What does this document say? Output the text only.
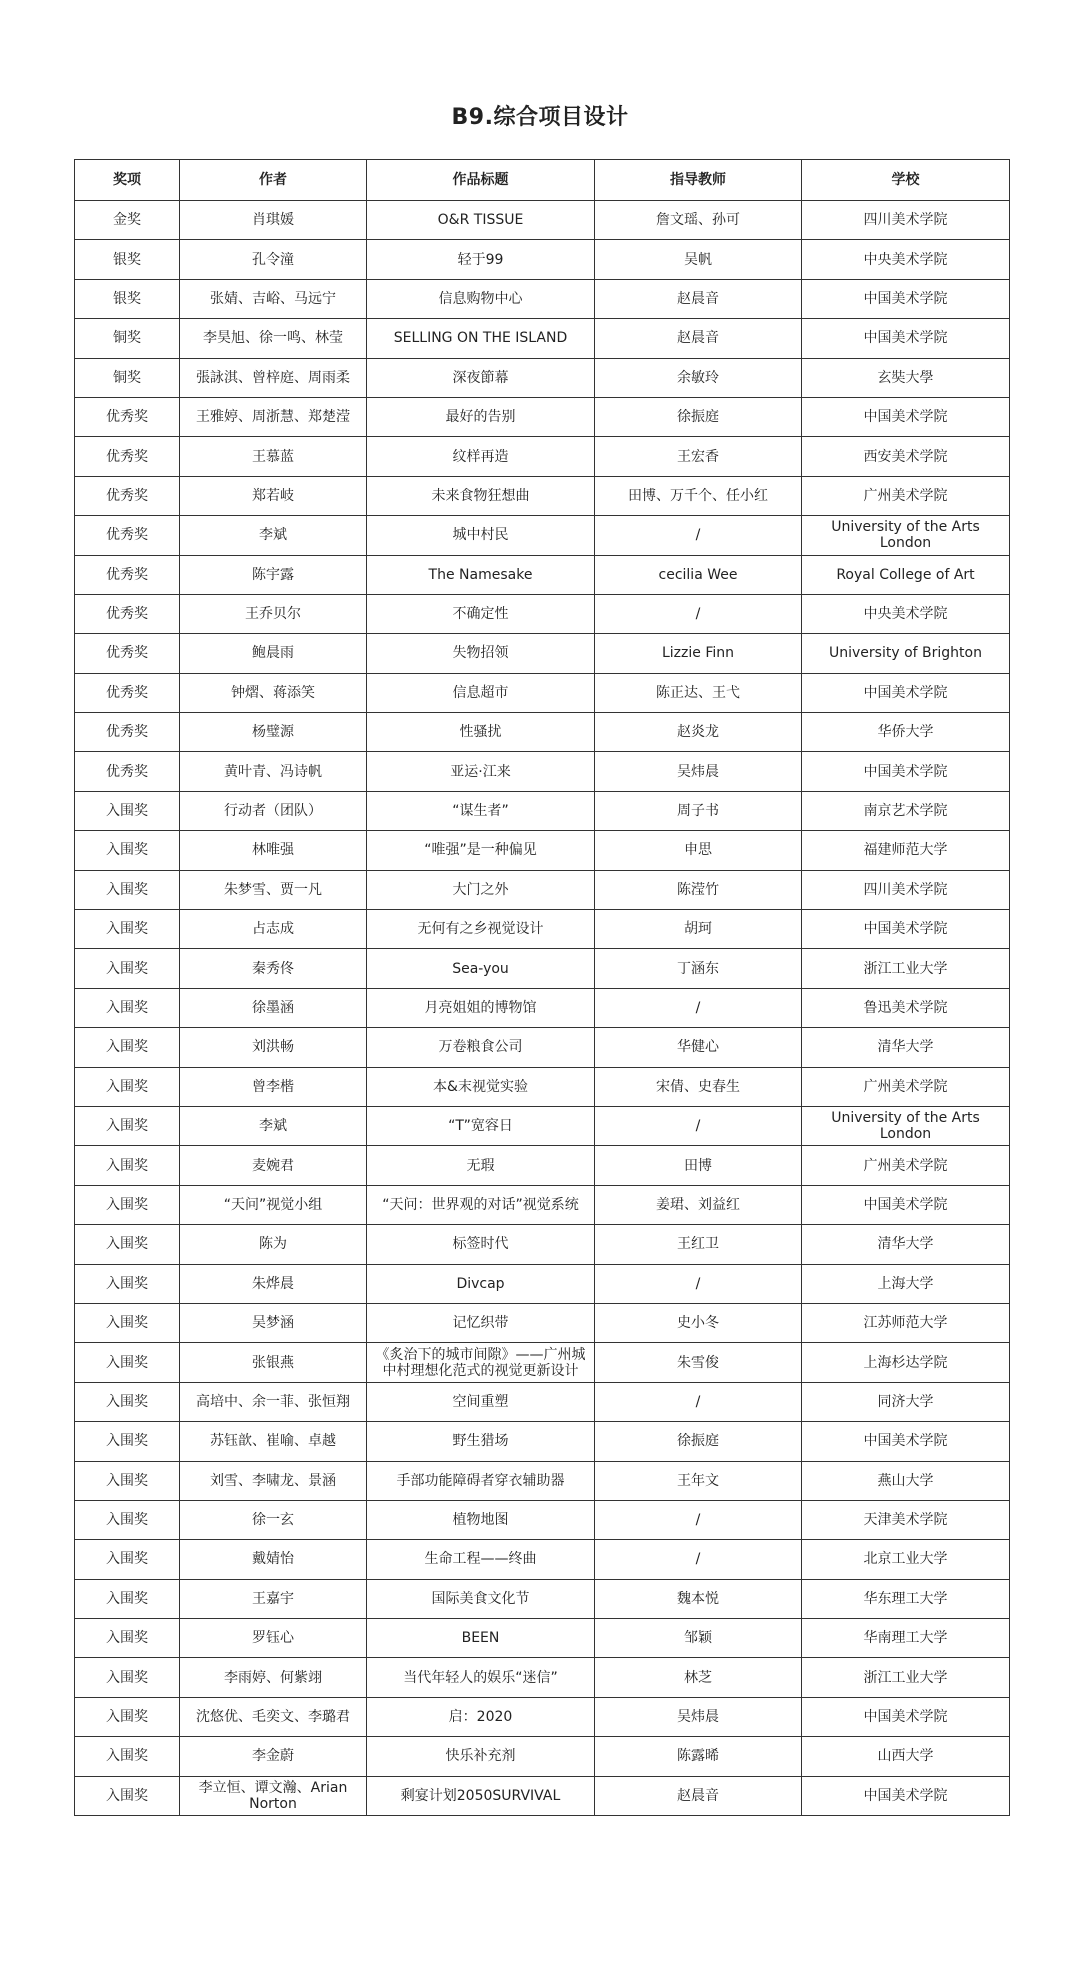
B9.综合项目设计
奖项	作者	作品标题	指导教师	学校
金奖	肖琪媛	O&R TISSUE	詹文瑶、孙可	四川美术学院
银奖	孔令潼	轻于99	吴帆	中央美术学院
银奖	张婧、吉峪、马远宁	信息购物中心	赵晨音	中国美术学院
铜奖	李昊旭、徐一鸣、林莹	SELLING ON THE ISLAND	赵晨音	中国美术学院
铜奖	張詠淇、曾梓庭、周雨柔	深夜節幕	余敏玲	玄奘大學
优秀奖	王雅婷、周浙慧、郑楚滢	最好的告别	徐振庭	中国美术学院
优秀奖	王慕蓝	纹样再造	王宏香	西安美术学院
优秀奖	郑若岐	未来食物狂想曲	田博、万千个、任小红	广州美术学院
优秀奖	李斌	城中村民	/	University of the Arts London
优秀奖	陈宇露	The Namesake	cecilia Wee	Royal College of Art
优秀奖	王乔贝尔	不确定性	/	中央美术学院
优秀奖	鲍晨雨	失物招领	Lizzie Finn	University of Brighton
优秀奖	钟熠、蒋添笑	信息超市	陈正达、王弋	中国美术学院
优秀奖	杨璧源	性骚扰	赵炎龙	华侨大学
优秀奖	黄叶青、冯诗帆	亚运·江来	吴炜晨	中国美术学院
入围奖	行动者（团队）	“谋生者”	周子书	南京艺术学院
入围奖	林唯强	“唯强”是一种偏见	申思	福建师范大学
入围奖	朱梦雪、贾一凡	大门之外	陈滢竹	四川美术学院
入围奖	占志成	无何有之乡视觉设计	胡珂	中国美术学院
入围奖	秦秀佟	Sea-you	丁涵东	浙江工业大学
入围奖	徐墨涵	月亮姐姐的博物馆	/	鲁迅美术学院
入围奖	刘洪畅	万卷粮食公司	华健心	清华大学
入围奖	曾李楷	本&末视觉实验	宋倩、史春生	广州美术学院
入围奖	李斌	“T”宽容日	/	University of the Arts London
入围奖	麦婉君	无瑕	田博	广州美术学院
入围奖	“天问”视觉小组	“天问：世界观的对话”视觉系统	姜珺、刘益红	中国美术学院
入围奖	陈为	标签时代	王红卫	清华大学
入围奖	朱烨晨	Divcap	/	上海大学
入围奖	吴梦涵	记忆织带	史小冬	江苏师范大学
入围奖	张银燕	《炙治下的城市间隙》——广州城中村理想化范式的视觉更新设计	朱雪俊	上海杉达学院
入围奖	高培中、余一菲、张恒翔	空间重塑	/	同济大学
入围奖	苏钰歆、崔喻、卓越	野生猎场	徐振庭	中国美术学院
入围奖	刘雪、李啸龙、景涵	手部功能障碍者穿衣辅助器	王年文	燕山大学
入围奖	徐一玄	植物地图	/	天津美术学院
入围奖	戴婧怡	生命工程——终曲	/	北京工业大学
入围奖	王嘉宇	国际美食文化节	魏本悦	华东理工大学
入围奖	罗钰心	BEEN	邹颖	华南理工大学
入围奖	李雨婷、何紫翊	当代年轻人的娱乐“迷信”	林芝	浙江工业大学
入围奖	沈悠优、毛奕文、李璐君	启：2020	吴炜晨	中国美术学院
入围奖	李金蔚	快乐补充剂	陈露晞	山西大学
入围奖	李立恒、谭文瀚、Arian Norton	剩宴计划2050SURVIVAL	赵晨音	中国美术学院
